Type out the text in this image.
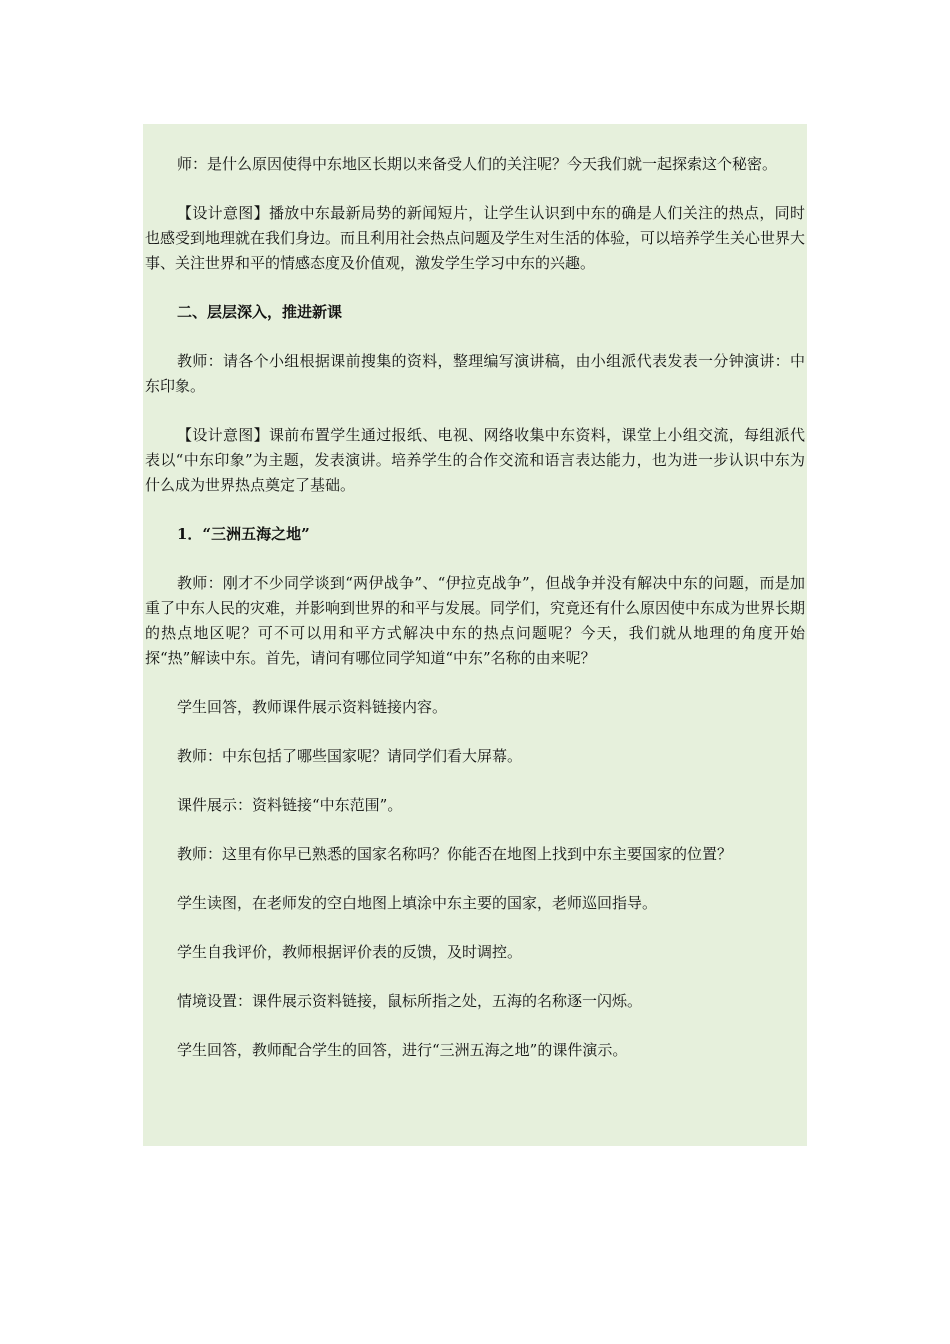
师：是什么原因使得中东地区长期以来备受人们的关注呢？今天我们就一起探索这个秘密。

【设计意图】播放中东最新局势的新闻短片，让学生认识到中东的确是人们关注的热点，同时也感受到地理就在我们身边。而且利用社会热点问题及学生对生活的体验，可以培养学生关心世界大事、关注世界和平的情感态度及价值观，激发学生学习中东的兴趣。

二、层层深入，推进新课

教师：请各个小组根据课前搜集的资料，整理编写演讲稿，由小组派代表发表一分钟演讲：中东印象。

【设计意图】课前布置学生通过报纸、电视、网络收集中东资料，课堂上小组交流，每组派代表以“中东印象”为主题，发表演讲。培养学生的合作交流和语言表达能力，也为进一步认识中东为什么成为世界热点奠定了基础。

1．“三洲五海之地”

教师：刚才不少同学谈到“两伊战争”、“伊拉克战争”，但战争并没有解决中东的问题，而是加重了中东人民的灾难，并影响到世界的和平与发展。同学们，究竟还有什么原因使中东成为世界长期的热点地区呢？可不可以用和平方式解决中东的热点问题呢？今天，我们就从地理的角度开始探“热”解读中东。首先，请问有哪位同学知道“中东”名称的由来呢？

学生回答，教师课件展示资料链接内容。

教师：中东包括了哪些国家呢？请同学们看大屏幕。

课件展示：资料链接“中东范围”。

教师：这里有你早已熟悉的国家名称吗？你能否在地图上找到中东主要国家的位置？

学生读图，在老师发的空白地图上填涂中东主要的国家，老师巡回指导。

学生自我评价，教师根据评价表的反馈，及时调控。

情境设置：课件展示资料链接，鼠标所指之处，五海的名称逐一闪烁。

学生回答，教师配合学生的回答，进行“三洲五海之地”的课件演示。
